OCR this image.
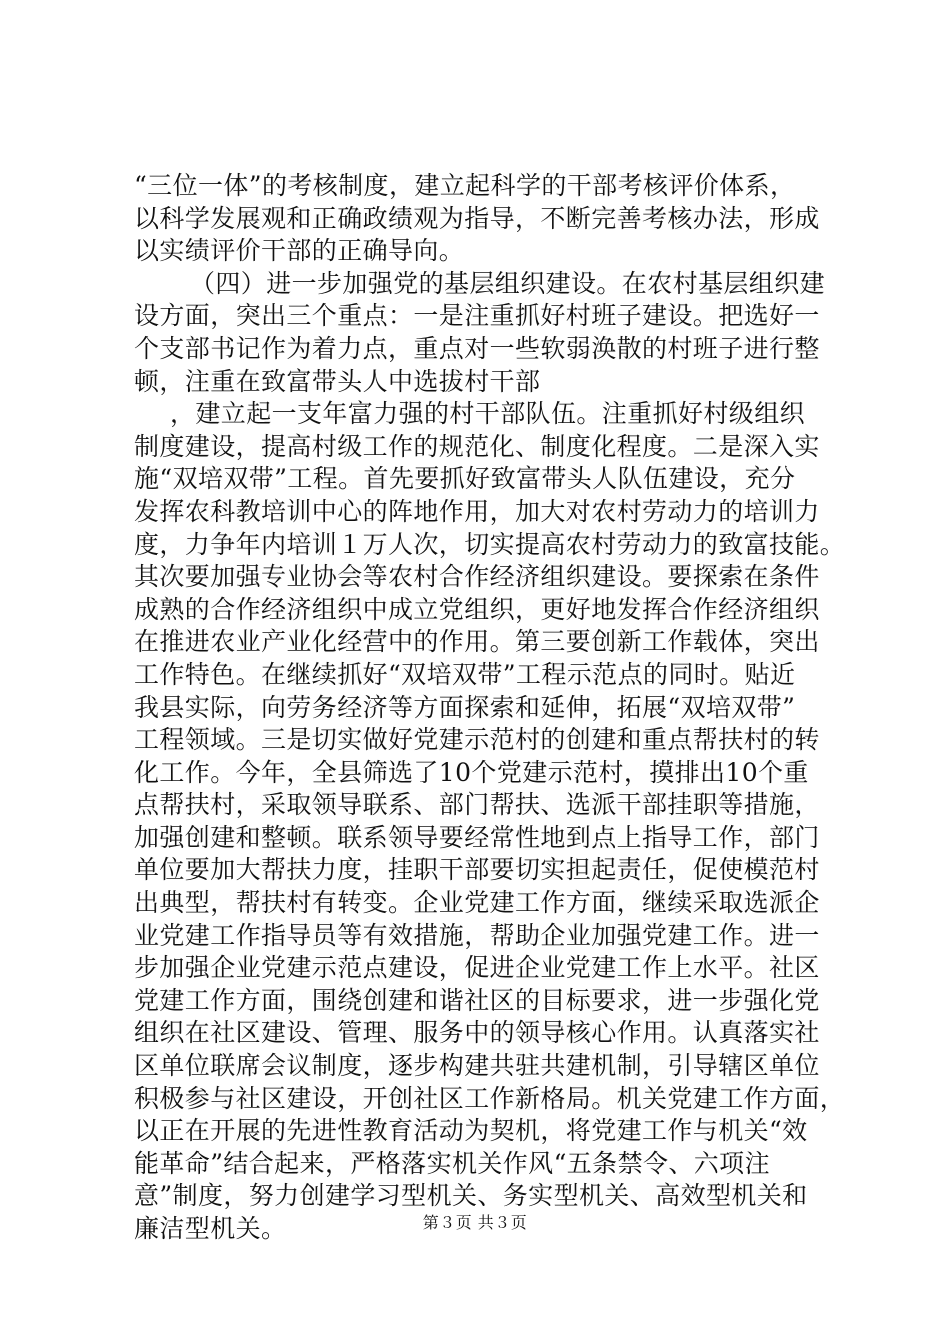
“三位一体”的考核制度，建立起科学的干部考核评价体系，
以科学发展观和正确政绩观为指导，不断完善考核办法，形成
以实绩评价干部的正确导向。
（四）进一步加强党的基层组织建设。在农村基层组织建
设方面，突出三个重点：一是注重抓好村班子建设。把选好一
个支部书记作为着力点，重点对一些软弱涣散的村班子进行整
顿，注重在致富带头人中选拔村干部
，建立起一支年富力强的村干部队伍。注重抓好村级组织
制度建设，提高村级工作的规范化、制度化程度。二是深入实
施“双培双带”工程。首先要抓好致富带头人队伍建设，充分
发挥农科教培训中心的阵地作用，加大对农村劳动力的培训力
度，力争年内培训１万人次，切实提高农村劳动力的致富技能。
其次要加强专业协会等农村合作经济组织建设。要探索在条件
成熟的合作经济组织中成立党组织，更好地发挥合作经济组织
在推进农业产业化经营中的作用。第三要创新工作载体，突出
工作特色。在继续抓好“双培双带”工程示范点的同时。贴近
我县实际，向劳务经济等方面探索和延伸，拓展“双培双带”
工程领域。三是切实做好党建示范村的创建和重点帮扶村的转
化工作。今年，全县筛选了10个党建示范村，摸排出10个重
点帮扶村，采取领导联系、部门帮扶、选派干部挂职等措施，
加强创建和整顿。联系领导要经常性地到点上指导工作，部门
单位要加大帮扶力度，挂职干部要切实担起责任，促使模范村
出典型，帮扶村有转变。企业党建工作方面，继续采取选派企
业党建工作指导员等有效措施，帮助企业加强党建工作。进一
步加强企业党建示范点建设，促进企业党建工作上水平。社区
党建工作方面，围绕创建和谐社区的目标要求，进一步强化党
组织在社区建设、管理、服务中的领导核心作用。认真落实社
区单位联席会议制度，逐步构建共驻共建机制，引导辖区单位
积极参与社区建设，开创社区工作新格局。机关党建工作方面，
以正在开展的先进性教育活动为契机，将党建工作与机关“效
能革命”结合起来，严格落实机关作风“五条禁令、六项注
意”制度，努力创建学习型机关、务实型机关、高效型机关和
廉洁型机关。	第３页 共３页
